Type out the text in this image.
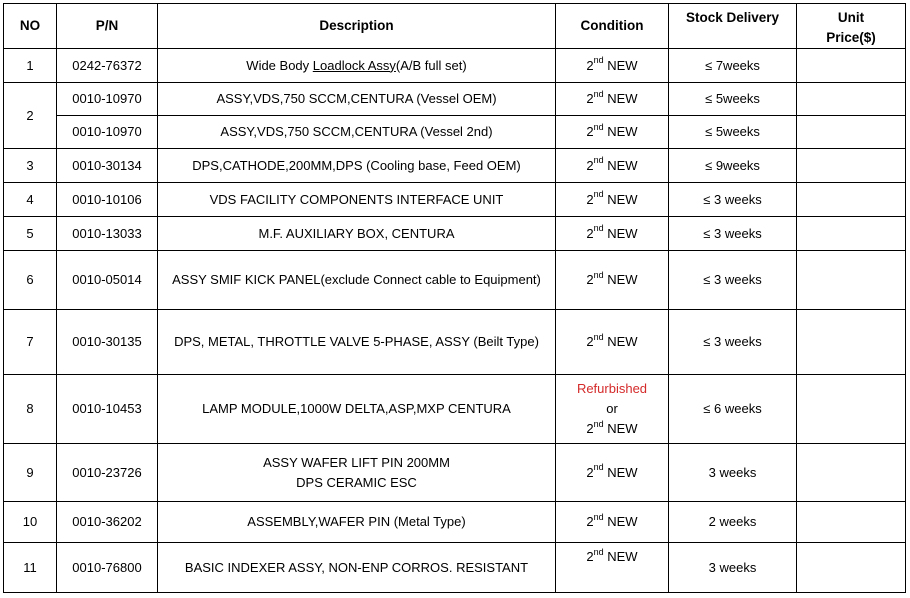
NO	P/N	Description	Condition	Stock Delivery	Unit
Price($)

1	0242-76372	Wide Body Loadlock Assy(A/B full set)	2nd NEW	≤ 7weeks	
2	0010-10970	ASSY,VDS,750 SCCM,CENTURA (Vessel OEM)	2nd NEW	≤ 5weeks	
	0010-10970	ASSY,VDS,750 SCCM,CENTURA (Vessel 2nd)	2nd NEW	≤ 5weeks	
3	0010-30134	DPS,CATHODE,200MM,DPS (Cooling base, Feed OEM)	2nd NEW	≤ 9weeks	
4	0010-10106	VDS FACILITY COMPONENTS INTERFACE UNIT	2nd NEW	≤ 3 weeks	
5	0010-13033	M.F. AUXILIARY BOX, CENTURA	2nd NEW	≤ 3 weeks	
6	0010-05014	ASSY SMIF KICK PANEL(exclude Connect cable to Equipment)	2nd NEW	≤ 3 weeks	
7	0010-30135	DPS, METAL, THROTTLE VALVE 5-PHASE, ASSY (Beilt Type)	2nd NEW	≤ 3 weeks	
8	0010-10453	LAMP MODULE,1000W DELTA,ASP,MXP CENTURA	Refurbished
or
2nd NEW	≤ 6 weeks	
9	0010-23726	ASSY WAFER LIFT PIN 200MM
DPS CERAMIC ESC	2nd NEW	3 weeks	
10	0010-36202	ASSEMBLY,WAFER PIN (Metal Type)	2nd NEW	2 weeks	
11	0010-76800	BASIC INDEXER ASSY, NON-ENP CORROS. RESISTANT	2nd NEW	3 weeks	
